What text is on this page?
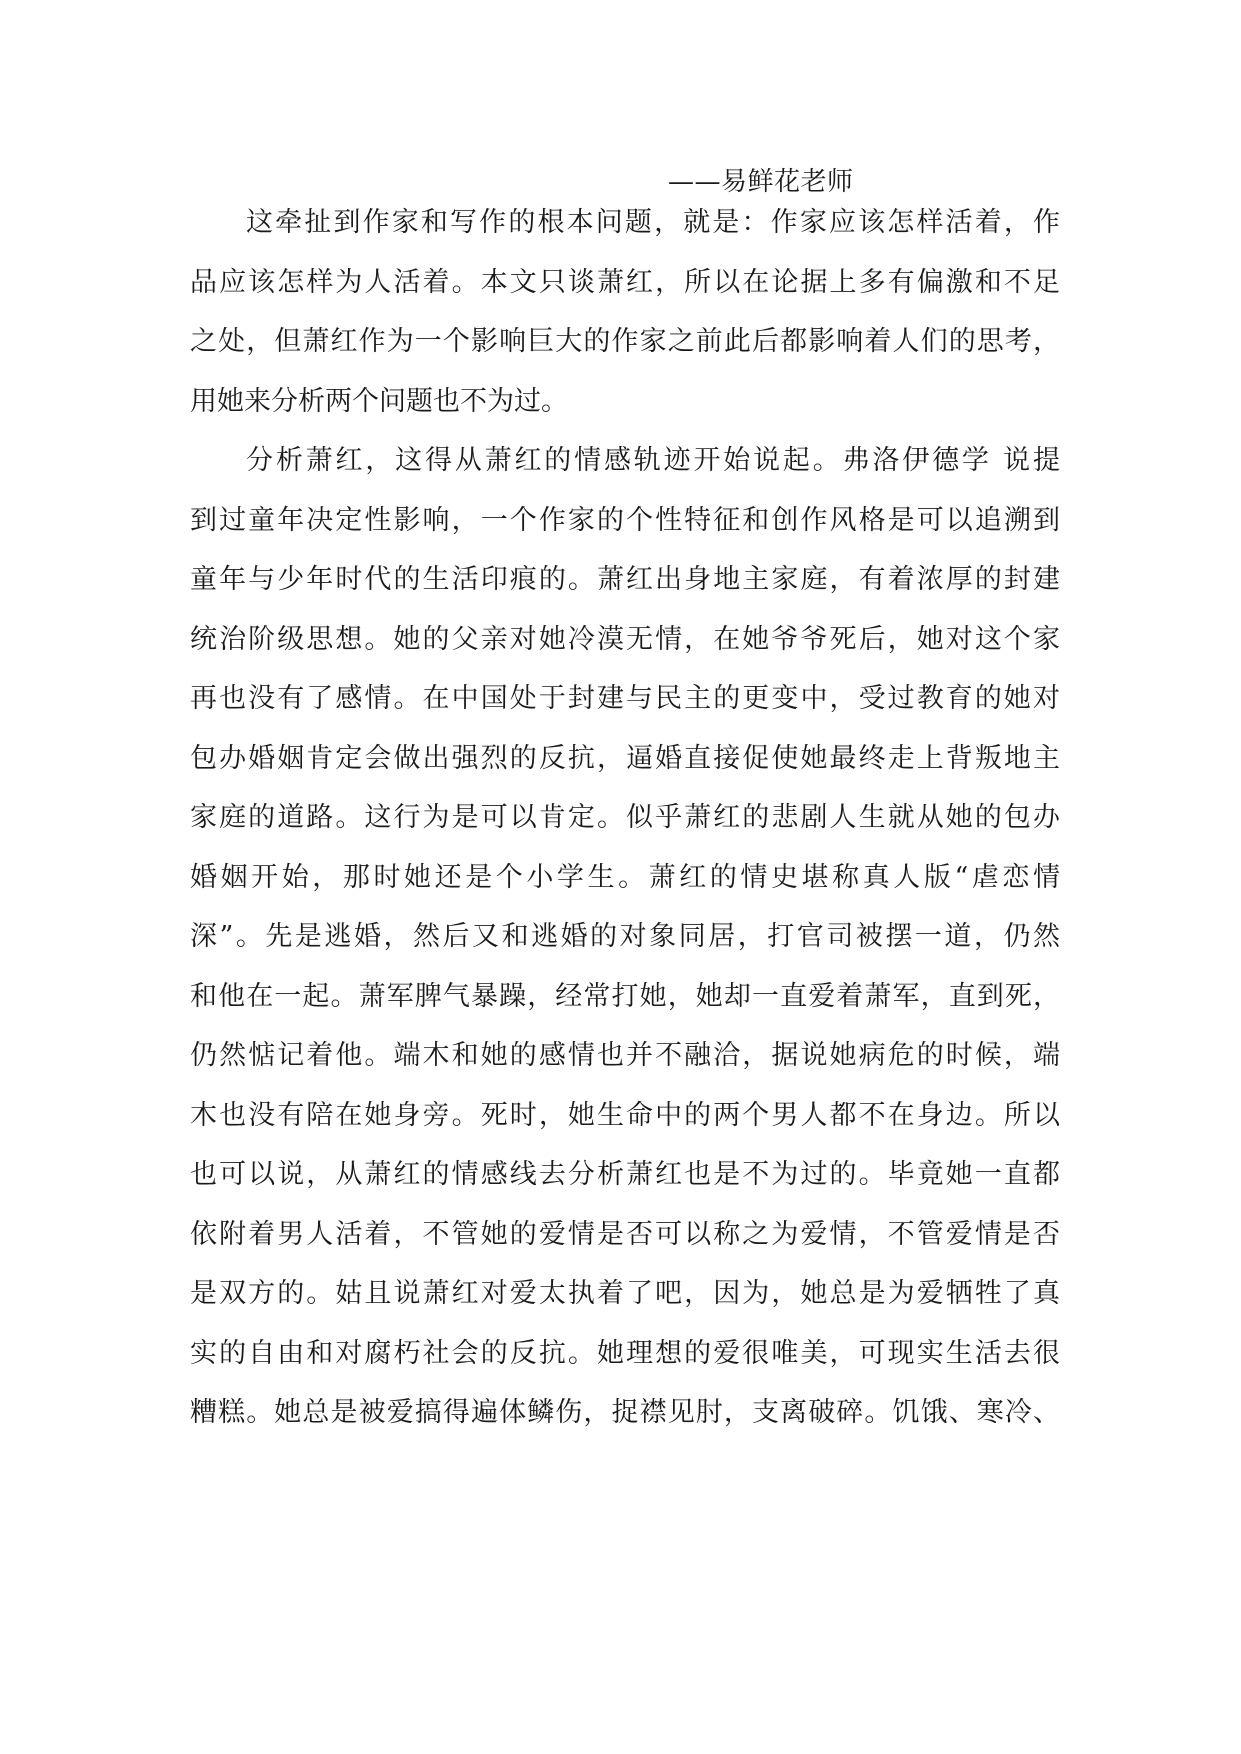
——易鲜花老师
这牵扯到作家和写作的根本问题，就是：作家应该怎样活着，作
品应该怎样为人活着。本文只谈萧红，所以在论据上多有偏激和不足
之处，但萧红作为一个影响巨大的作家之前此后都影响着人们的思考，
用她来分析两个问题也不为过。
分析萧红，这得从萧红的情感轨迹开始说起。弗洛伊德学 说提
到过童年决定性影响，一个作家的个性特征和创作风格是可以追溯到
童年与少年时代的生活印痕的。萧红出身地主家庭，有着浓厚的封建
统治阶级思想。她的父亲对她冷漠无情，在她爷爷死后，她对这个家
再也没有了感情。在中国处于封建与民主的更变中，受过教育的她对
包办婚姻肯定会做出强烈的反抗，逼婚直接促使她最终走上背叛地主
家庭的道路。这行为是可以肯定。似乎萧红的悲剧人生就从她的包办
婚姻开始，那时她还是个小学生。萧红的情史堪称真人版“虐恋情
深”。先是逃婚，然后又和逃婚的对象同居，打官司被摆一道，仍然
和他在一起。萧军脾气暴躁，经常打她，她却一直爱着萧军，直到死，
仍然惦记着他。端木和她的感情也并不融洽，据说她病危的时候，端
木也没有陪在她身旁。死时，她生命中的两个男人都不在身边。所以
也可以说，从萧红的情感线去分析萧红也是不为过的。毕竟她一直都
依附着男人活着，不管她的爱情是否可以称之为爱情，不管爱情是否
是双方的。姑且说萧红对爱太执着了吧，因为，她总是为爱牺牲了真
实的自由和对腐朽社会的反抗。她理想的爱很唯美，可现实生活去很
糟糕。她总是被爱搞得遍体鳞伤，捉襟见肘，支离破碎。饥饿、寒冷、
